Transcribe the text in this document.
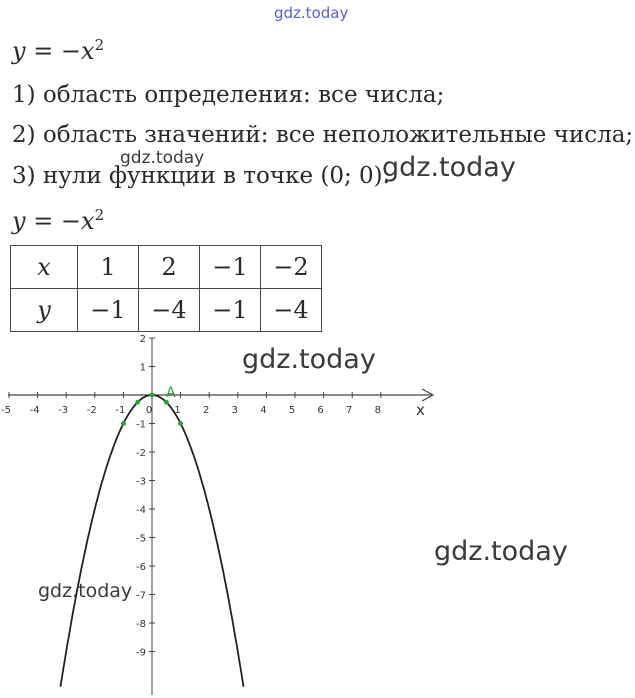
gdz.today
$y = -x^2$
1) область определения: все числа;
2) область значений: все неположительные числа;
3) нули функции в точке (0; 0).
gdz.today	gdz.today
$y = -x^2$
x	1	2	−1	−2
y	−1	−4	−1	−4
-5 -4 -3 -2 -1 0 1 2 3 4 5 6 7 8
2
1
-1
-2
-3
-4
-5
-6
-7
-8
-9
x
A
gdz.today
gdz.today
gdz.today
